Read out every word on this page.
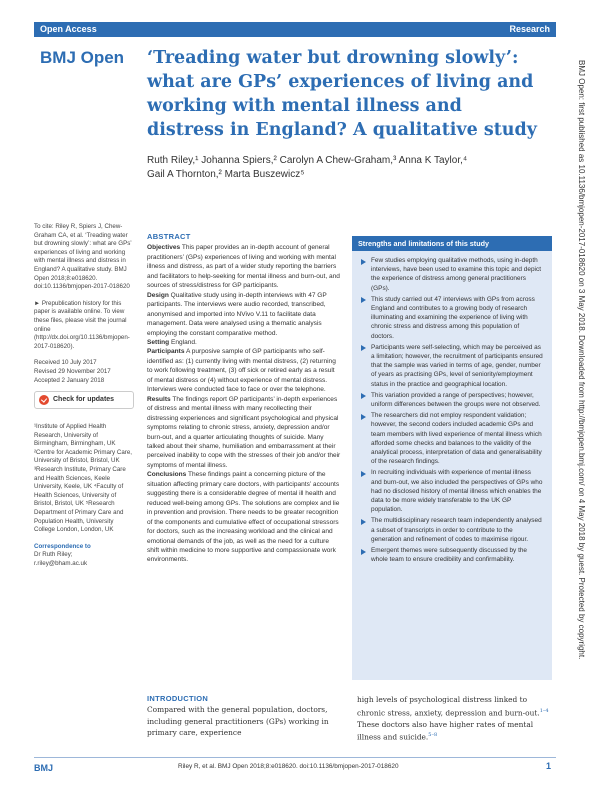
Open Access	Research
BMJ Open ‘Treading water but drowning slowly’:
what are GPs’ experiences of living and
working with mental illness and
distress in England? A qualitative study
Ruth Riley,¹ Johanna Spiers,² Carolyn A Chew-Graham,³ Anna K Taylor,⁴
Gail A Thornton,² Marta Buszewicz⁵

To cite: Riley R, Spiers J, Chew-Graham CA, et al. ‘Treading water but drowning slowly’: what are GPs’ experiences of living and working with mental illness and distress in England? A qualitative study. BMJ Open 2018;8:e018620. doi:10.1136/bmjopen-2017-018620

► Prepublication history for this paper is available online. To view these files, please visit the journal online (http://dx.doi.org/10.1136/bmjopen-2017-018620).

Received 10 July 2017
Revised 29 November 2017
Accepted 2 January 2018
Check for updates

¹Institute of Applied Health Research, University of Birmingham, Birmingham, UK ²Centre for Academic Primary Care, University of Bristol, Bristol, UK ³Research Institute, Primary Care and Health Sciences, Keele University, Keele, UK ⁴Faculty of Health Sciences, University of Bristol, Bristol, UK ⁵Research Department of Primary Care and Population Health, University College London, London, UK

Correspondence to
Dr Ruth Riley;
r.riley@bham.ac.uk
ABSTRACT

Objectives This paper provides an in-depth account of general practitioners’ (GPs) experiences of living and working with mental illness and distress, as part of a wider study reporting the barriers and facilitators to help-seeking for mental illness and burn-out, and sources of stress/distress for GP participants.

Design Qualitative study using in-depth interviews with 47 GP participants. The interviews were audio recorded, transcribed, anonymised and imported into NVivo V.11 to facilitate data management. Data were analysed using a thematic analysis employing the constant comparative method.

Setting England.

Participants A purposive sample of GP participants who self-identified as: (1) currently living with mental distress, (2) returning to work following treatment, (3) off sick or retired early as a result of mental distress or (4) without experience of mental distress. Interviews were conducted face to face or over the telephone.

Results The findings report GP participants’ in-depth experiences of distress and mental illness with many recollecting their distressing experiences and significant psychological and physical symptoms relating to chronic stress, anxiety, depression and/or burn-out, and a quarter articulating thoughts of suicide. Many talked about their shame, humiliation and embarrassment at their perceived inability to cope with the stresses of their job and/or their symptoms of mental illness.

Conclusions These findings paint a concerning picture of the situation affecting primary care doctors, with participants’ accounts suggesting there is a considerable degree of mental ill health and reduced well-being among GPs. The solutions are complex and lie in prevention and provision. There needs to be greater recognition of the components and cumulative effect of occupational stressors for doctors, such as the increasing workload and the clinical and emotional demands of the job, as well as the need for a culture shift within medicine to more supportive and compassionate work environments.

Strengths and limitations of this study
Few studies employing qualitative methods, using in-depth interviews, have been used to examine this topic and depict the experience of distress among general practitioners (GPs).
This study carried out 47 interviews with GPs from across England and contributes to a growing body of research illuminating and examining the experience of living with chronic stress and distress among this population of doctors.
Participants were self-selecting, which may be perceived as a limitation; however, the recruitment of participants ensured that the sample was varied in terms of age, gender, number of years as practising GPs, level of seniority/employment status in the practice and geographical location.
This variation provided a range of perspectives; however, uniform differences between the groups were not observed.
The researchers did not employ respondent validation; however, the second coders included academic GPs and team members with lived experience of mental illness which afforded some checks and balances to the validity of the analytical process, interpretation of data and generalisability of the research findings.
In recruiting individuals with experience of mental illness and burn-out, we also included the perspectives of GPs who had no disclosed history of mental illness which enables the data to be more widely transferable to the UK GP population.
The multidisciplinary research team independently analysed a subset of transcripts in order to contribute to the generation and refinement of codes to maximise rigour.
Emergent themes were subsequently discussed by the whole team to ensure credibility and confirmability.
INTRODUCTION
Compared with the general population, doctors, including general practitioners (GPs) working in primary care, experience
high levels of psychological distress linked to chronic stress, anxiety, depression and burn-out.$^{1-4}$ These doctors also have higher rates of mental illness and suicide.$^{5-8}$
BMJ Open: first published as 10.1136/bmjopen-2017-018620 on 3 May 2018. Downloaded from http://bmjopen.bmj.com/ on 4 May 2018 by guest. Protected by copyright.
BMJ	Riley R, et al. BMJ Open 2018;8:e018620. doi:10.1136/bmjopen-2017-018620	1
